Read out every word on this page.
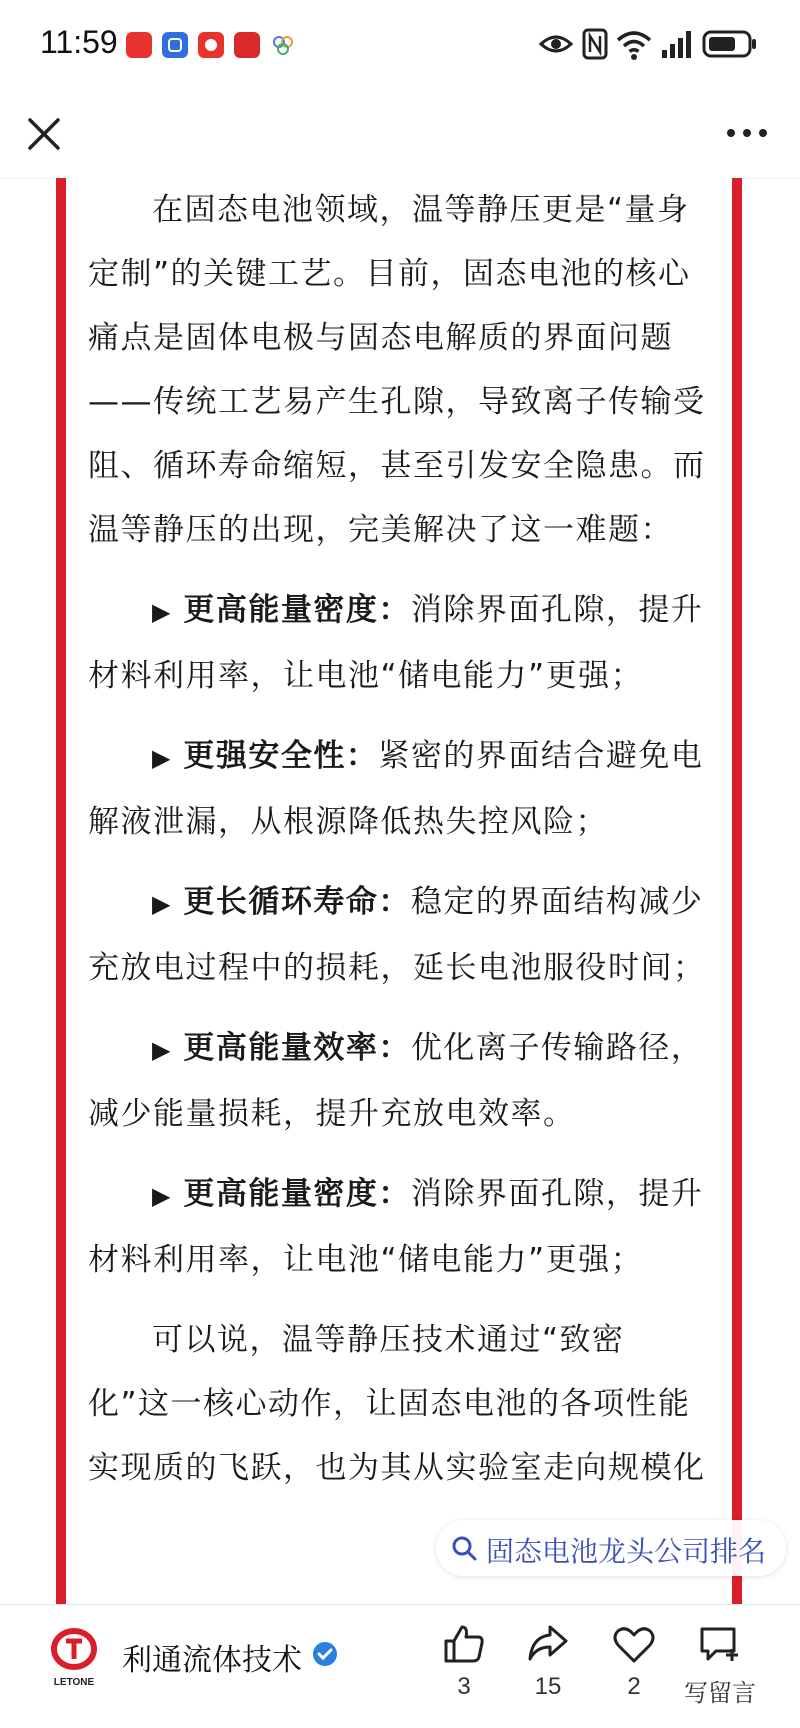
11:59

在固态电池领域，温等静压更是“量身定制”的关键工艺。目前，固态电池的核心痛点是固体电极与固态电解质的界面问题——传统工艺易产生孔隙，导致离子传输受阻、循环寿命缩短，甚至引发安全隐患。而温等静压的出现，完美解决了这一难题：

▶ 更高能量密度：消除界面孔隙，提升材料利用率，让电池“储电能力”更强；

▶ 更强安全性：紧密的界面结合避免电解液泄漏，从根源降低热失控风险；

▶ 更长循环寿命：稳定的界面结构减少充放电过程中的损耗，延长电池服役时间；

▶ 更高能量效率：优化离子传输路径，减少能量损耗，提升充放电效率。

▶ 更高能量密度：消除界面孔隙，提升材料利用率，让电池“储电能力”更强；

可以说，温等静压技术通过“致密化”这一核心动作，让固态电池的各项性能实现质的飞跃，也为其从实验室走向规模化

固态电池龙头公司排名
LETONE
利通流体技术
3	15	2	写留言
